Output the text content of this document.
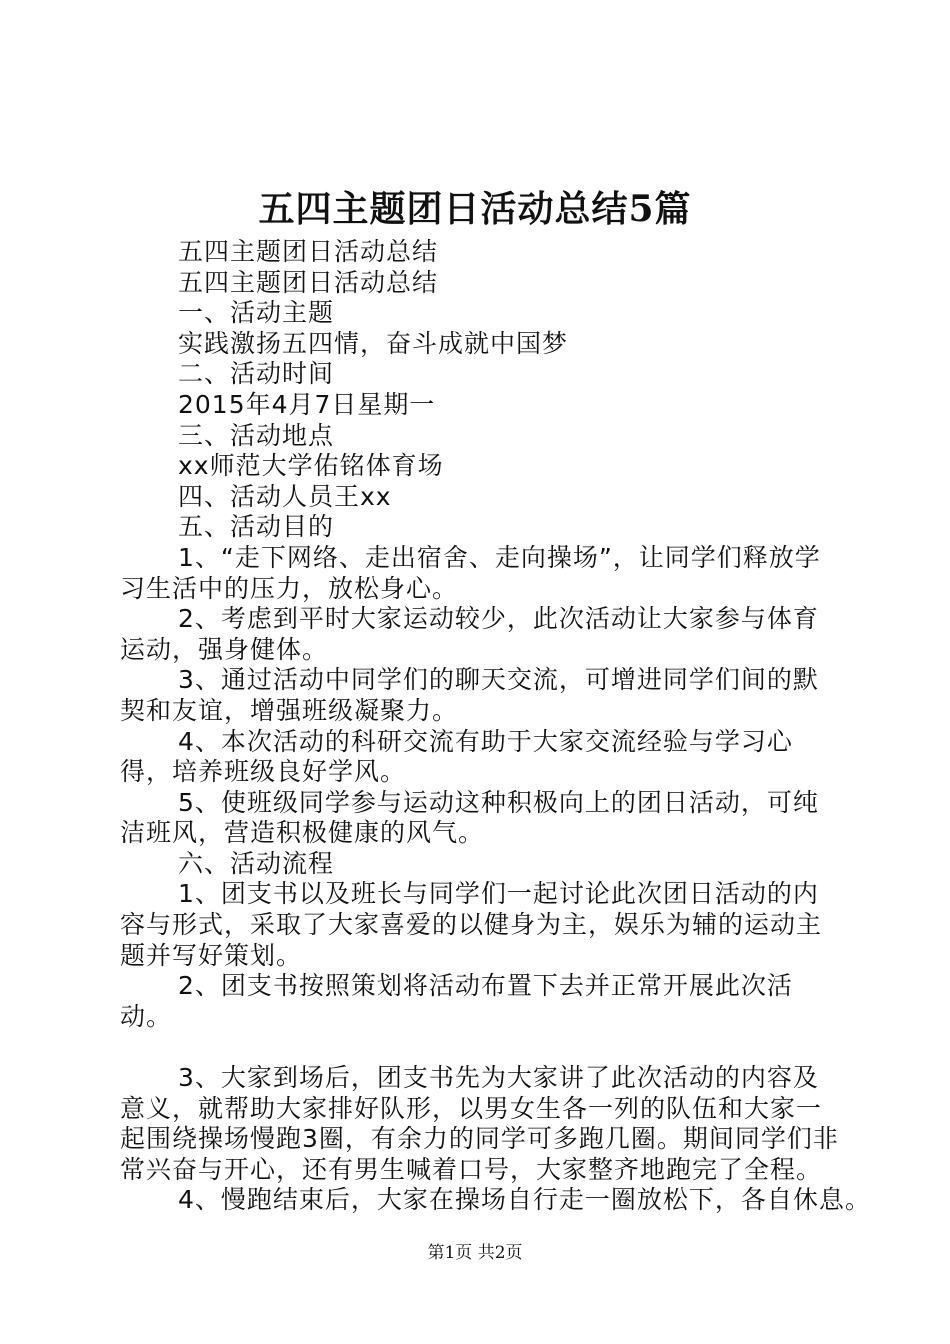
五四主题团日活动总结5篇

五四主题团日活动总结

五四主题团日活动总结

一、活动主题

实践激扬五四情，奋斗成就中国梦

二、活动时间

2015年4月7日星期一

三、活动地点

xx师范大学佑铭体育场

四、活动人员王xx

五、活动目的

1、“走下网络、走出宿舍、走向操场”，让同学们释放学习生活中的压力，放松身心。

2、考虑到平时大家运动较少，此次活动让大家参与体育运动，强身健体。

3、通过活动中同学们的聊天交流，可增进同学们间的默契和友谊，增强班级凝聚力。

4、本次活动的科研交流有助于大家交流经验与学习心得，培养班级良好学风。

5、使班级同学参与运动这种积极向上的团日活动，可纯洁班风，营造积极健康的风气。

六、活动流程

1、团支书以及班长与同学们一起讨论此次团日活动的内容与形式，采取了大家喜爱的以健身为主，娱乐为辅的运动主题并写好策划。

2、团支书按照策划将活动布置下去并正常开展此次活动。

3、大家到场后，团支书先为大家讲了此次活动的内容及意义，就帮助大家排好队形，以男女生各一列的队伍和大家一起围绕操场慢跑3圈，有余力的同学可多跑几圈。期间同学们非常兴奋与开心，还有男生喊着口号，大家整齐地跑完了全程。

4、慢跑结束后，大家在操场自行走一圈放松下，各自休息。

第1页 共2页
